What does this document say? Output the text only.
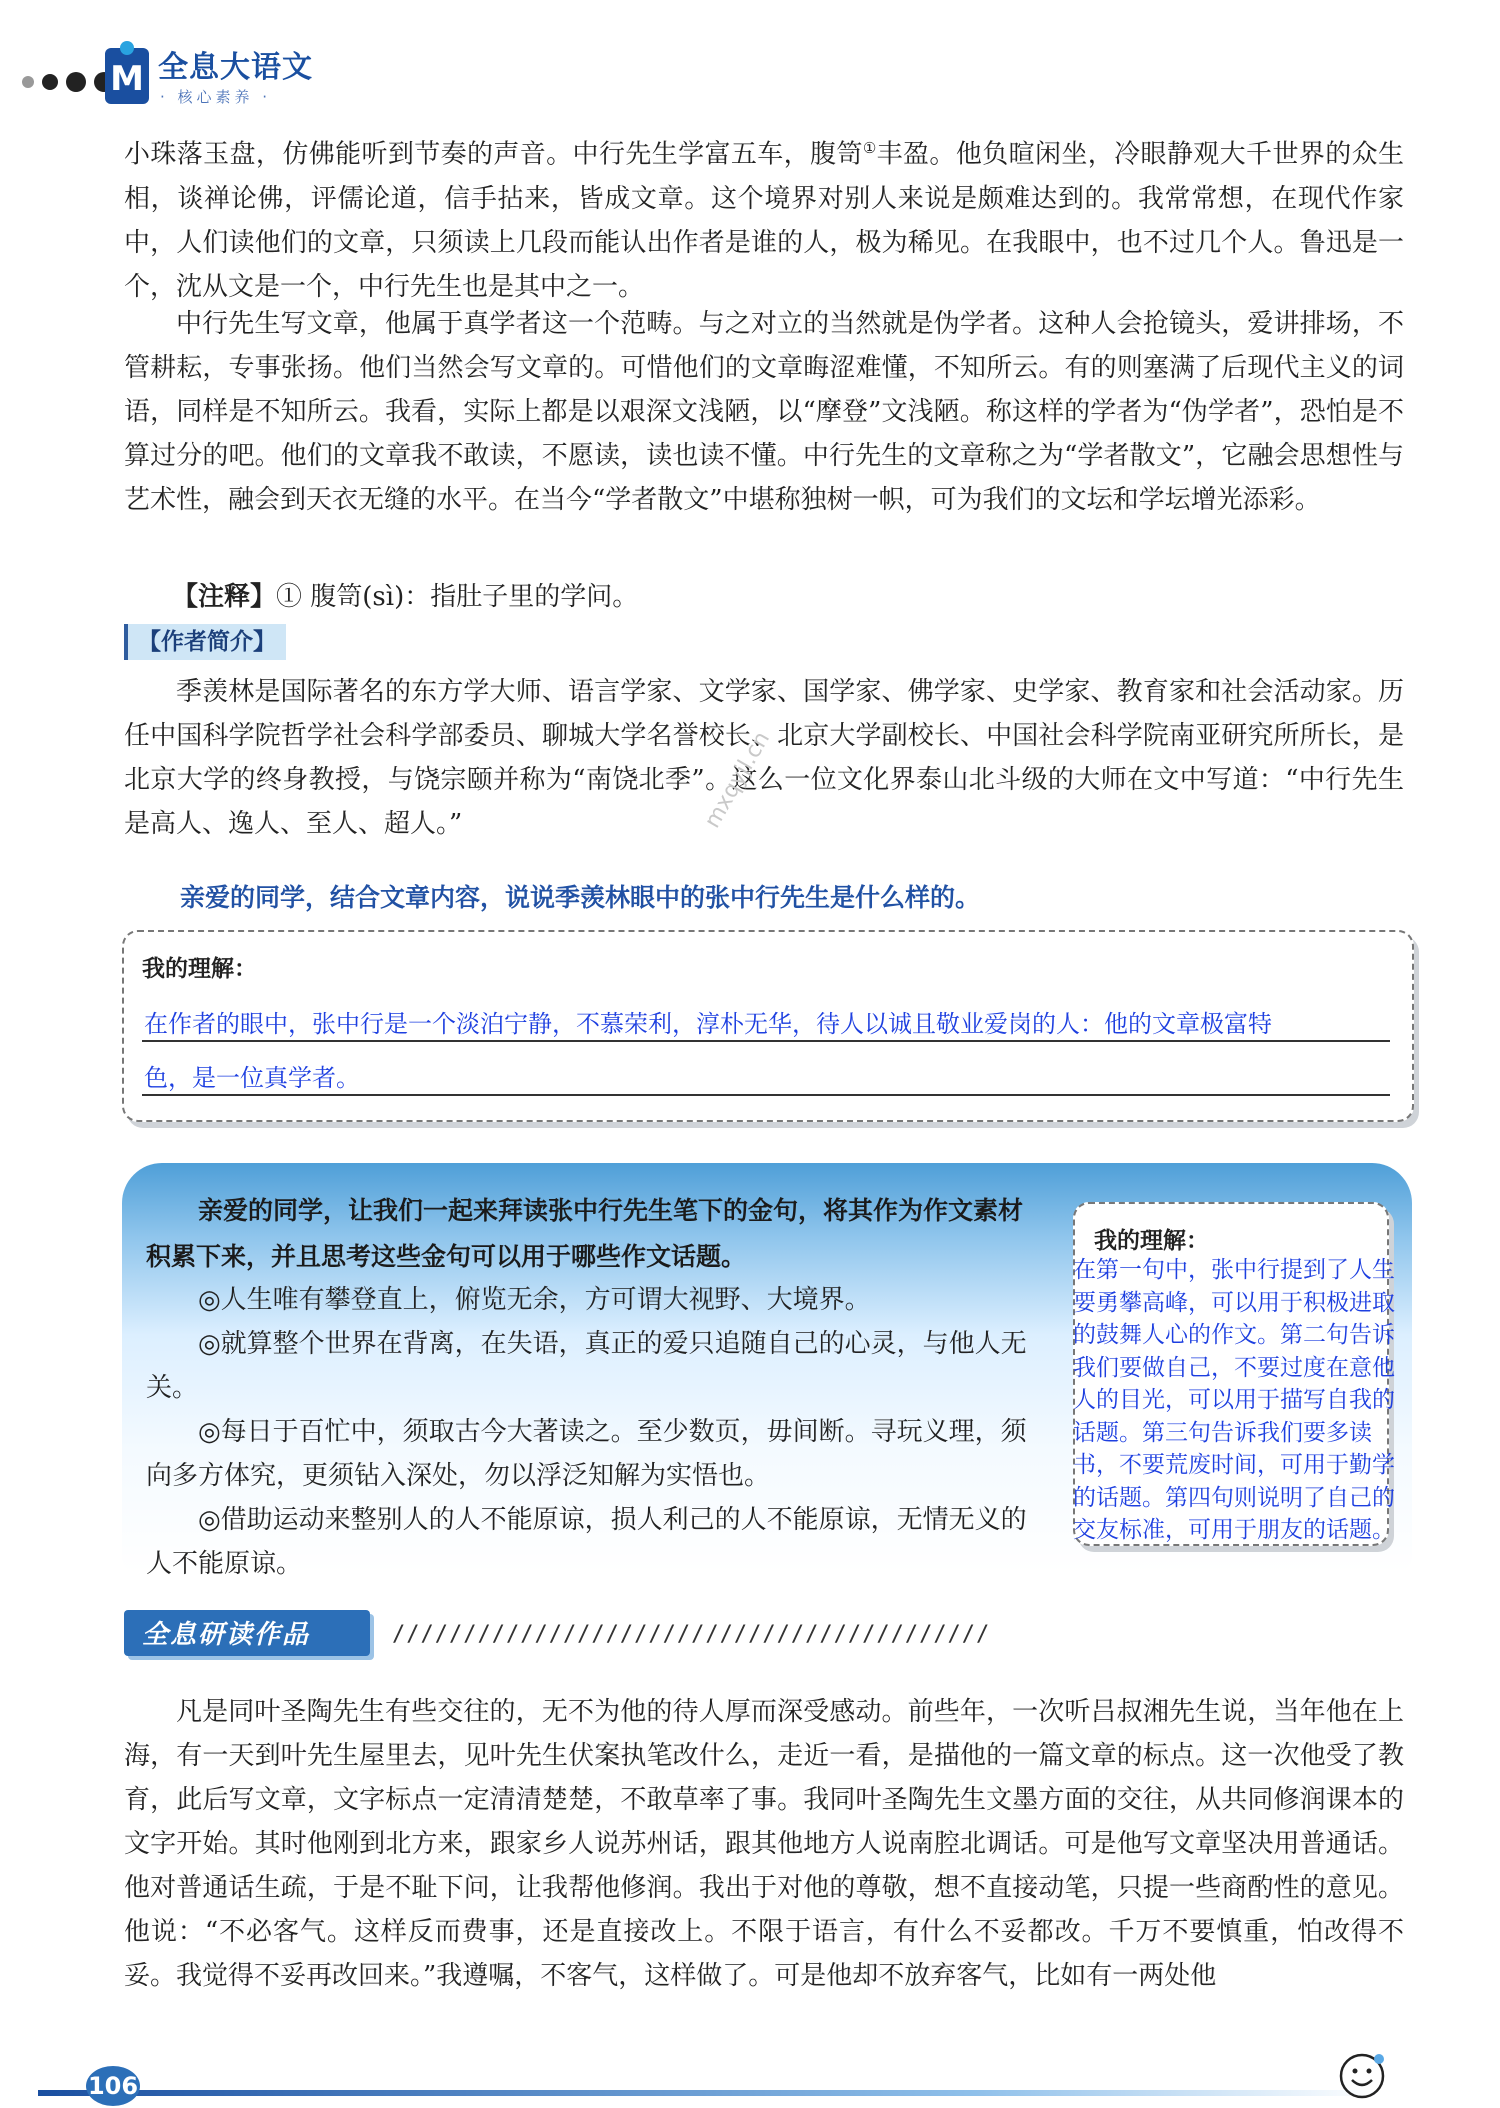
M 全息大语文
· 核心素养 ·

小珠落玉盘，仿佛能听到节奏的声音。中行先生学富五车，腹笥①丰盈。他负暄闲坐，冷眼静观大千世界的众生相，谈禅论佛，评儒论道，信手拈来，皆成文章。这个境界对别人来说是颇难达到的。我常常想，在现代作家中，人们读他们的文章，只须读上几段而能认出作者是谁的人，极为稀见。在我眼中，也不过几个人。鲁迅是一个，沈从文是一个，中行先生也是其中之一。

中行先生写文章，他属于真学者这一个范畴。与之对立的当然就是伪学者。这种人会抢镜头，爱讲排场，不管耕耘，专事张扬。他们当然会写文章的。可惜他们的文章晦涩难懂，不知所云。有的则塞满了后现代主义的词语，同样是不知所云。我看，实际上都是以艰深文浅陋，以“摩登”文浅陋。称这样的学者为“伪学者”，恐怕是不算过分的吧。他们的文章我不敢读，不愿读，读也读不懂。中行先生的文章称之为“学者散文”，它融会思想性与艺术性，融会到天衣无缝的水平。在当今“学者散文”中堪称独树一帜，可为我们的文坛和学坛增光添彩。

【注释】① 腹笥(sì)：指肚子里的学问。
【作者简介】

季羡林是国际著名的东方学大师、语言学家、文学家、国学家、佛学家、史学家、教育家和社会活动家。历任中国科学院哲学社会科学部委员、聊城大学名誉校长、北京大学副校长、中国社会科学院南亚研究所所长，是北京大学的终身教授，与饶宗颐并称为“南饶北季”。这么一位文化界泰山北斗级的大师在文中写道：“中行先生是高人、逸人、至人、超人。”	mxqyjl.cn
亲爱的同学，结合文章内容，说说季羡林眼中的张中行先生是什么样的。
我的理解：
在作者的眼中，张中行是一个淡泊宁静，不慕荣利，淳朴无华，待人以诚且敬业爱岗的人：他的文章极富特
色，是一位真学者。

亲爱的同学，让我们一起来拜读张中行先生笔下的金句，将其作为作文素材积累下来，并且思考这些金句可以用于哪些作文话题。

◎人生唯有攀登直上，俯览无余，方可谓大视野、大境界。

◎就算整个世界在背离，在失语，真正的爱只追随自己的心灵，与他人无关。

◎每日于百忙中，须取古今大著读之。至少数页，毋间断。寻玩义理，须向多方体究，更须钻入深处，勿以浮泛知解为实悟也。

◎借助运动来整别人的人不能原谅，损人利己的人不能原谅，无情无义的人不能原谅。

我的理解：

在第一句中，张中行提到了人生要勇攀高峰，可以用于积极进取的鼓舞人心的作文。第二句告诉我们要做自己，不要过度在意他人的目光，可以用于描写自我的话题。第三句告诉我们要多读书，不要荒废时间，可用于勤学的话题。第四句则说明了自己的交友标准，可用于朋友的话题。

全息研读作品	//////////////////////////////////////////

凡是同叶圣陶先生有些交往的，无不为他的待人厚而深受感动。前些年，一次听吕叔湘先生说，当年他在上海，有一天到叶先生屋里去，见叶先生伏案执笔改什么，走近一看，是描他的一篇文章的标点。这一次他受了教育，此后写文章，文字标点一定清清楚楚，不敢草率了事。我同叶圣陶先生文墨方面的交往，从共同修润课本的文字开始。其时他刚到北方来，跟家乡人说苏州话，跟其他地方人说南腔北调话。可是他写文章坚决用普通话。他对普通话生疏，于是不耻下问，让我帮他修润。我出于对他的尊敬，想不直接动笔，只提一些商酌性的意见。他说：“不必客气。这样反而费事，还是直接改上。不限于语言，有什么不妥都改。千万不要慎重，怕改得不妥。我觉得不妥再改回来。”我遵嘱，不客气，这样做了。可是他却不放弃客气，比如有一两处他

106
